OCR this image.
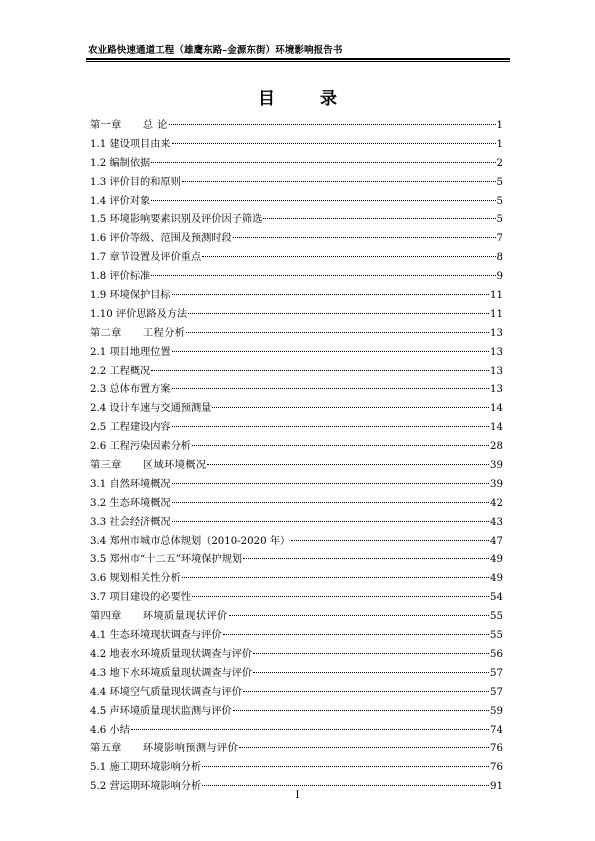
农业路快速通道工程（雄鹰东路–金源东街）环境影响报告书
目　录
第一章　　总 论	1
1.1 建设项目由来	1
1.2 编制依据	2
1.3 评价目的和原则	5
1.4 评价对象	5
1.5 环境影响要素识别及评价因子筛选	5
1.6 评价等级、范围及预测时段	7
1.7 章节设置及评价重点	8
1.8 评价标准	9
1.9 环境保护目标	11
1.10 评价思路及方法	11
第二章　　工程分析	13
2.1 项目地理位置	13
2.2 工程概况	13
2.3 总体布置方案	13
2.4 设计车速与交通预测量	14
2.5 工程建设内容	14
2.6 工程污染因素分析	28
第三章　　区域环境概况	39
3.1 自然环境概况	39
3.2 生态环境概况	42
3.3 社会经济概况	43
3.4 郑州市城市总体规划（2010-2020 年）	47
3.5 郑州市“十二五”环境保护规划	49
3.6 规划相关性分析	49
3.7 项目建设的必要性	54
第四章　　环境质量现状评价	55
4.1 生态环境现状调查与评价	55
4.2 地表水环境质量现状调查与评价	56
4.3 地下水环境质量现状调查与评价	57
4.4 环境空气质量现状调查与评价	57
4.5 声环境质量现状监测与评价	59
4.6 小结	74
第五章　　环境影响预测与评价	76
5.1 施工期环境影响分析	76
5.2 营运期环境影响分析	91
I
